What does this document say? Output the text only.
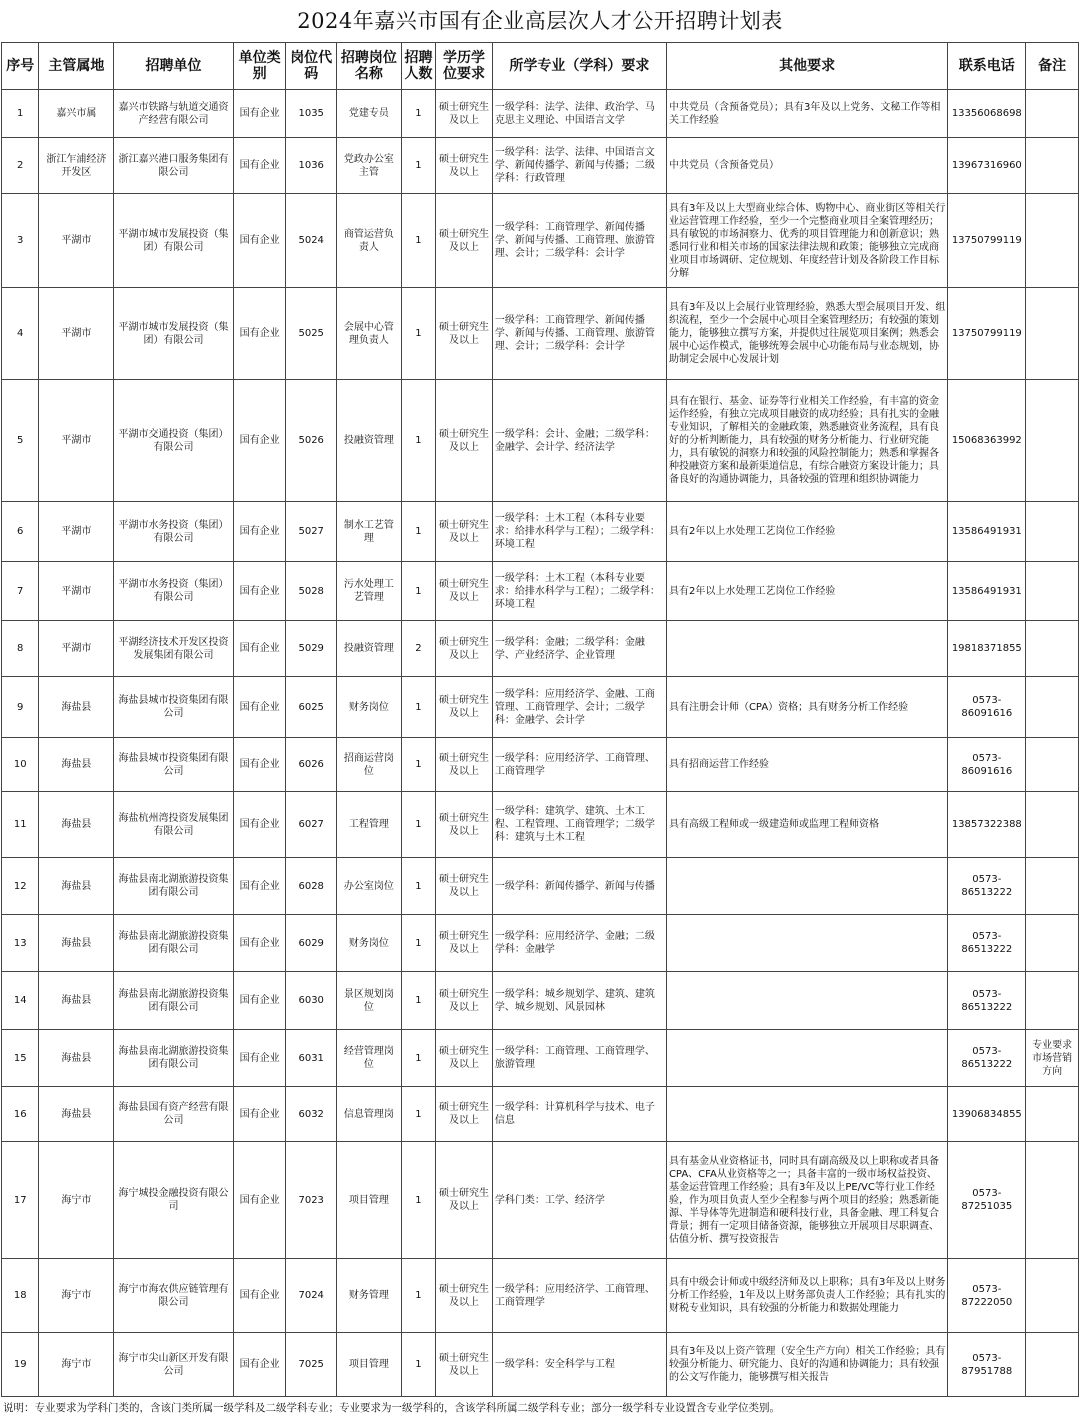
2024年嘉兴市国有企业高层次人才公开招聘计划表
序号	主管属地	招聘单位	单位类别	岗位代码	招聘岗位名称	招聘人数	学历学位要求	所学专业（学科）要求	其他要求	联系电话	备注
1	嘉兴市属	嘉兴市铁路与轨道交通资产经营有限公司	国有企业	1035	党建专员	1	硕士研究生及以上	一级学科：法学、法律、政治学、马克思主义理论、中国语言文学	中共党员（含预备党员）；具有3年及以上党务、文秘工作等相关工作经验	13356068698	
2	浙江乍浦经济开发区	浙江嘉兴港口服务集团有限公司	国有企业	1036	党政办公室主管	1	硕士研究生及以上	一级学科：法学、法律、中国语言文学、新闻传播学、新闻与传播；二级学科：行政管理	中共党员（含预备党员）	13967316960	
3	平湖市	平湖市城市发展投资（集团）有限公司	国有企业	5024	商管运营负责人	1	硕士研究生及以上	一级学科：工商管理学、新闻传播学、新闻与传播、工商管理、旅游管理、会计；二级学科：会计学	具有3年及以上大型商业综合体、购物中心、商业街区等相关行业运营管理工作经验，至少一个完整商业项目全案管理经历；具有敏锐的市场洞察力、优秀的项目管理能力和创新意识；熟悉同行业和相关市场的国家法律法规和政策；能够独立完成商业项目市场调研、定位规划、年度经营计划及各阶段工作目标分解	13750799119	
4	平湖市	平湖市城市发展投资（集团）有限公司	国有企业	5025	会展中心管理负责人	1	硕士研究生及以上	一级学科：工商管理学、新闻传播学、新闻与传播、工商管理、旅游管理、会计；二级学科：会计学	具有3年及以上会展行业管理经验，熟悉大型会展项目开发、组织流程，至少一个会展中心项目全案管理经历；有较强的策划能力，能够独立撰写方案，并提供过往展览项目案例；熟悉会展中心运作模式，能够统筹会展中心功能布局与业态规划，协助制定会展中心发展计划	13750799119	
5	平湖市	平湖市交通投资（集团）有限公司	国有企业	5026	投融资管理	1	硕士研究生及以上	一级学科：会计、金融；二级学科：金融学、会计学、经济法学	具有在银行、基金、证券等行业相关工作经验，有丰富的资金运作经验，有独立完成项目融资的成功经验；具有扎实的金融专业知识，了解相关的金融政策，熟悉融资业务流程，具有良好的分析判断能力，具有较强的财务分析能力、行业研究能力，具有敏锐的洞察力和较强的风险控制能力；熟悉和掌握各种投融资方案和最新渠道信息，有综合融资方案设计能力；具备良好的沟通协调能力，具备较强的管理和组织协调能力	15068363992	
6	平湖市	平湖市水务投资（集团）有限公司	国有企业	5027	制水工艺管理	1	硕士研究生及以上	一级学科：土木工程（本科专业要求：给排水科学与工程）；二级学科：环境工程	具有2年以上水处理工艺岗位工作经验	13586491931	
7	平湖市	平湖市水务投资（集团）有限公司	国有企业	5028	污水处理工艺管理	1	硕士研究生及以上	一级学科：土木工程（本科专业要求：给排水科学与工程）；二级学科：环境工程	具有2年以上水处理工艺岗位工作经验	13586491931	
8	平湖市	平湖经济技术开发区投资发展集团有限公司	国有企业	5029	投融资管理	2	硕士研究生及以上	一级学科：金融；二级学科：金融学、产业经济学、企业管理		19818371855	
9	海盐县	海盐县城市投资集团有限公司	国有企业	6025	财务岗位	1	硕士研究生及以上	一级学科：应用经济学、金融、工商管理、工商管理学、会计；二级学科：金融学、会计学	具有注册会计师（CPA）资格；具有财务分析工作经验	0573-86091616	
10	海盐县	海盐县城市投资集团有限公司	国有企业	6026	招商运营岗位	1	硕士研究生及以上	一级学科：应用经济学、工商管理、工商管理学	具有招商运营工作经验	0573-86091616	
11	海盐县	海盐杭州湾投资发展集团有限公司	国有企业	6027	工程管理	1	硕士研究生及以上	一级学科：建筑学、建筑、土木工程、工程管理、工商管理学；二级学科：建筑与土木工程	具有高级工程师或一级建造师或监理工程师资格	13857322388	
12	海盐县	海盐县南北湖旅游投资集团有限公司	国有企业	6028	办公室岗位	1	硕士研究生及以上	一级学科：新闻传播学、新闻与传播		0573-86513222	
13	海盐县	海盐县南北湖旅游投资集团有限公司	国有企业	6029	财务岗位	1	硕士研究生及以上	一级学科：应用经济学、金融；二级学科：金融学		0573-86513222	
14	海盐县	海盐县南北湖旅游投资集团有限公司	国有企业	6030	景区规划岗位	1	硕士研究生及以上	一级学科：城乡规划学、建筑、建筑学、城乡规划、风景园林		0573-86513222	
15	海盐县	海盐县南北湖旅游投资集团有限公司	国有企业	6031	经营管理岗位	1	硕士研究生及以上	一级学科：工商管理、工商管理学、旅游管理		0573-86513222	专业要求市场营销方向
16	海盐县	海盐县国有资产经营有限公司	国有企业	6032	信息管理岗	1	硕士研究生及以上	一级学科：计算机科学与技术、电子信息		13906834855	
17	海宁市	海宁城投金融投资有限公司	国有企业	7023	项目管理	1	硕士研究生及以上	学科门类：工学、经济学	具有基金从业资格证书，同时具有副高级及以上职称或者具备CPA、CFA从业资格等之一；具备丰富的一级市场权益投资、基金运营管理工作经验；具有3年及以上PE/VC等行业工作经验，作为项目负责人至少全程参与两个项目的经验；熟悉新能源、半导体等先进制造和硬科技行业，具备金融、理工科复合背景；拥有一定项目储备资源，能够独立开展项目尽职调查、估值分析、撰写投资报告	0573-87251035	
18	海宁市	海宁市海农供应链管理有限公司	国有企业	7024	财务管理	1	硕士研究生及以上	一级学科：应用经济学、工商管理、工商管理学	具有中级会计师或中级经济师及以上职称；具有3年及以上财务分析工作经验，1年及以上财务部负责人工作经验；具有扎实的财税专业知识，具有较强的分析能力和数据处理能力	0573-87222050	
19	海宁市	海宁市尖山新区开发有限公司	国有企业	7025	项目管理	1	硕士研究生及以上	一级学科：安全科学与工程	具有3年及以上资产管理（安全生产方向）相关工作经验；具有较强分析能力、研究能力、良好的沟通和协调能力；具有较强的公文写作能力，能够撰写相关报告	0573-87951788	
说明：专业要求为学科门类的，含该门类所属一级学科及二级学科专业；专业要求为一级学科的，含该学科所属二级学科专业；部分一级学科专业设置含专业学位类别。
